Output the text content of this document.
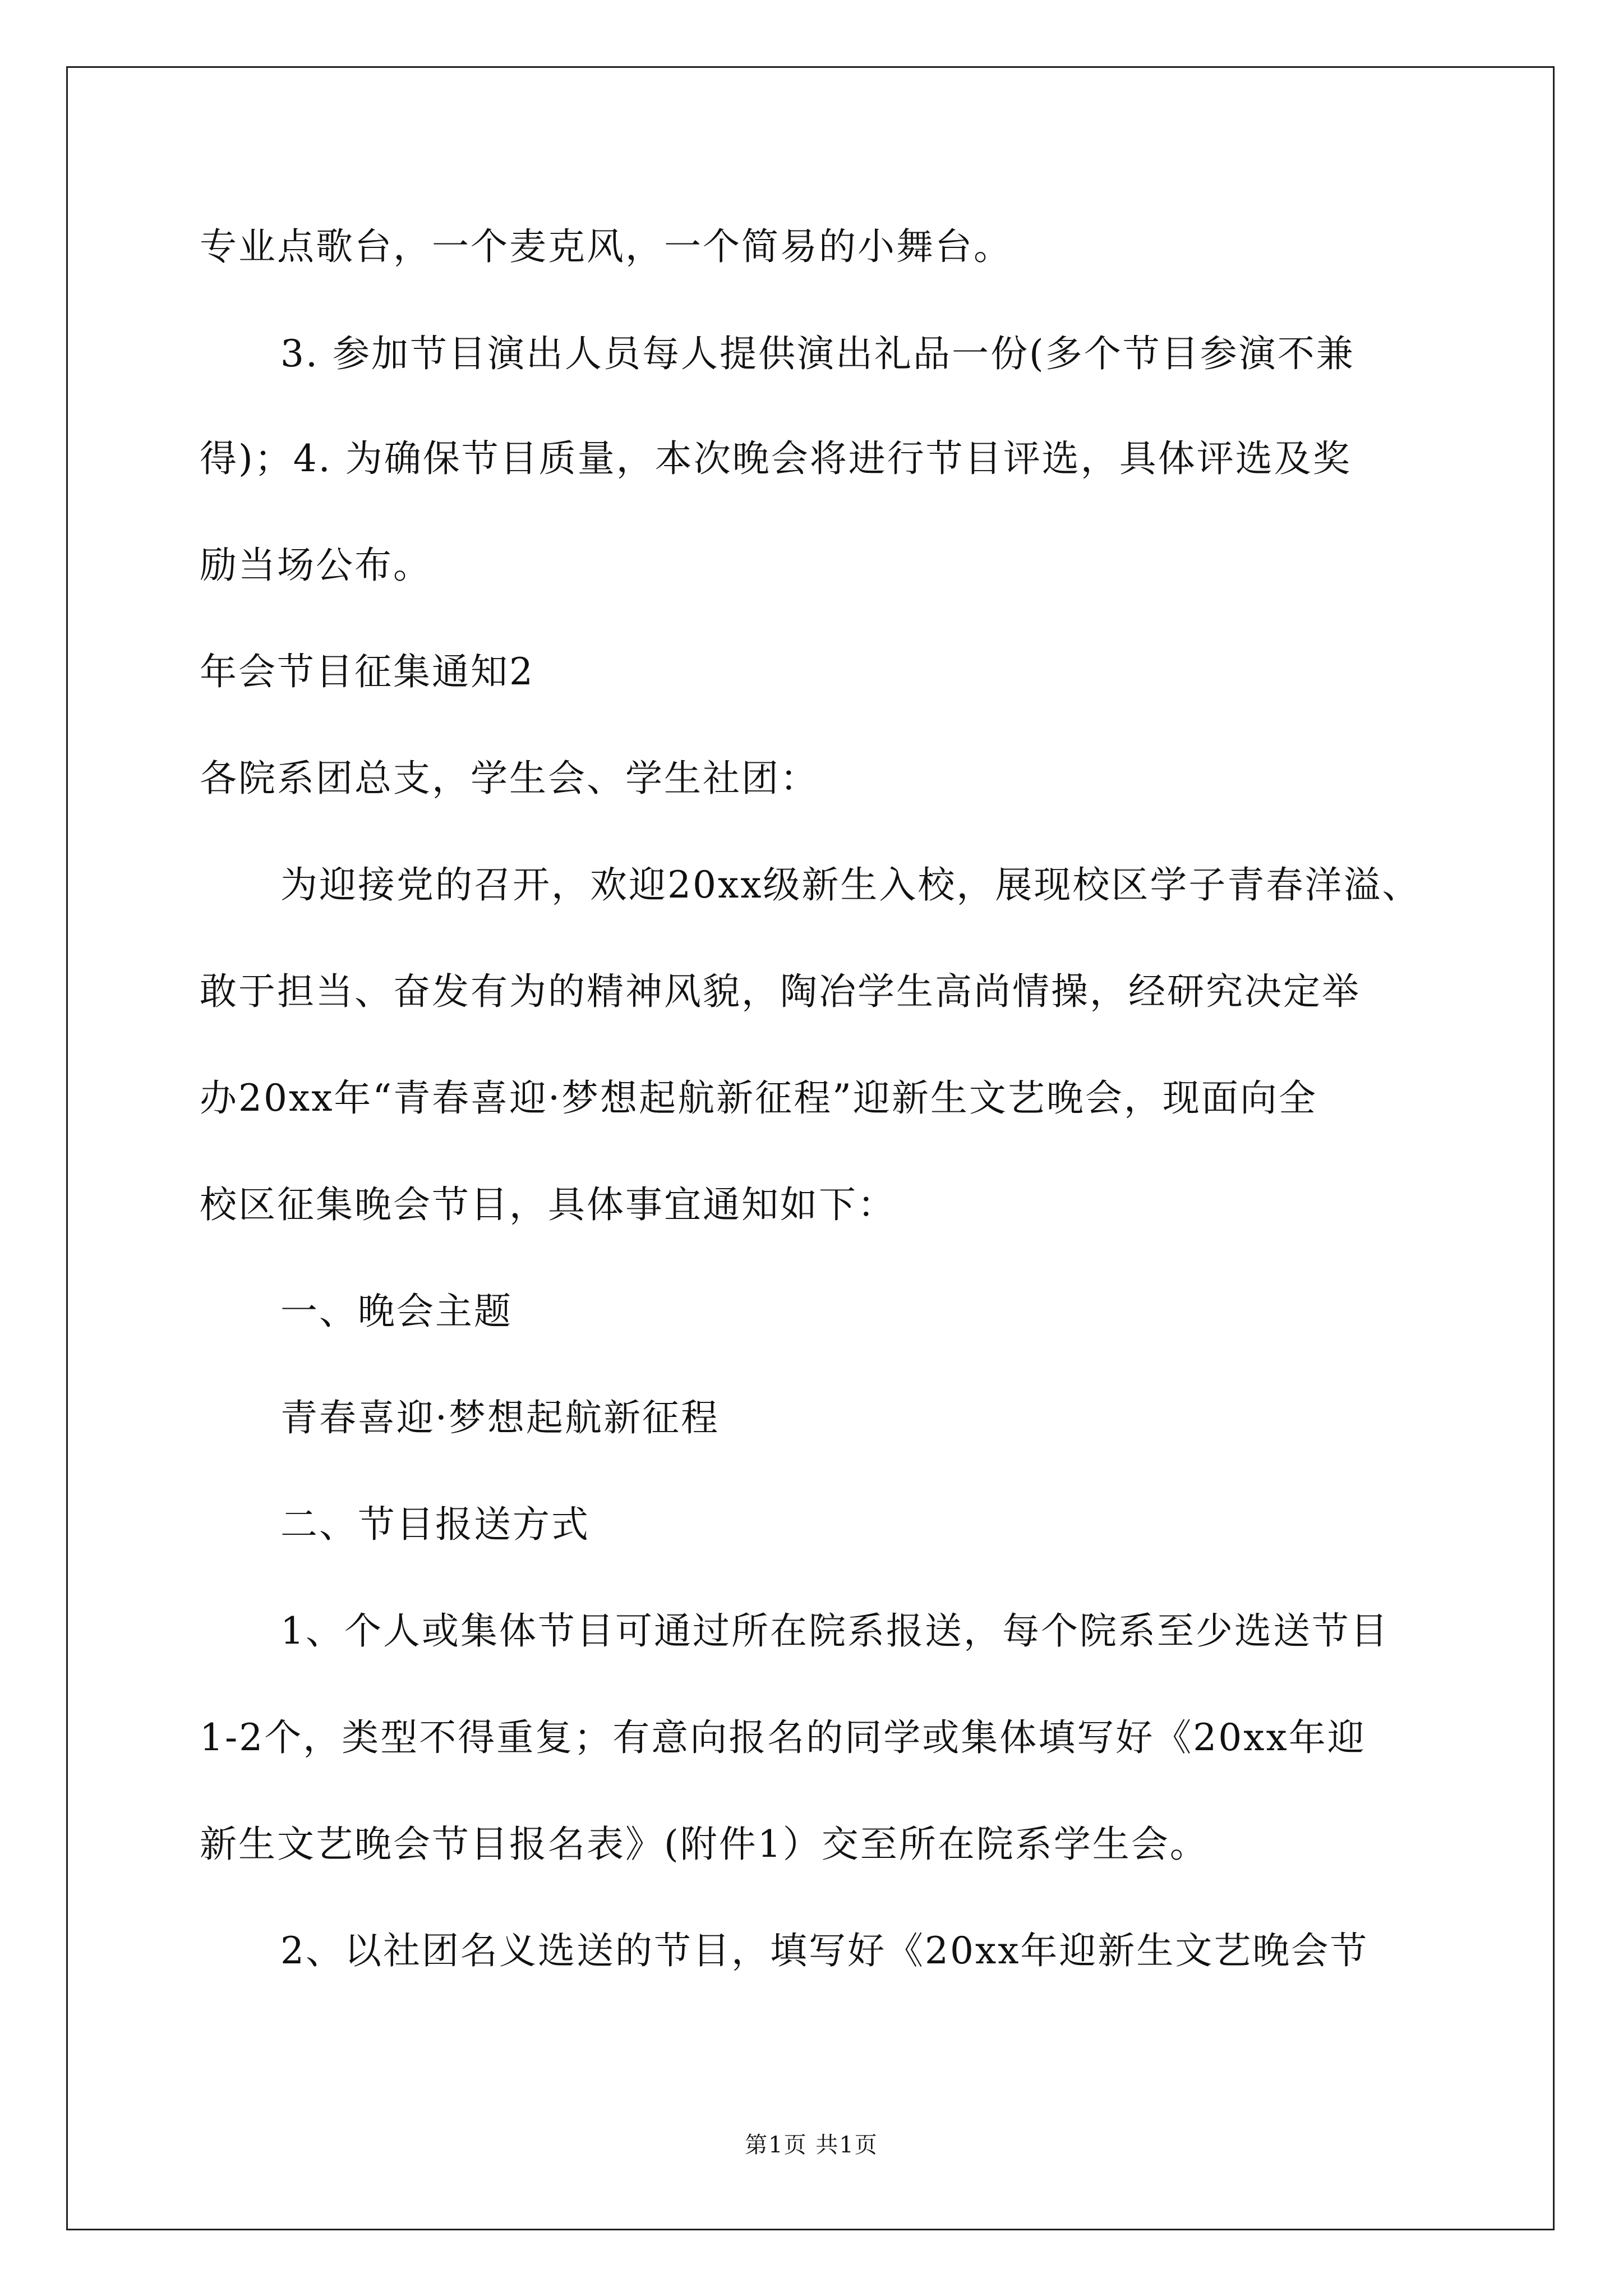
专业点歌台，一个麦克风，一个简易的小舞台。
3. 参加节目演出人员每人提供演出礼品一份(多个节目参演不兼
得)；4. 为确保节目质量，本次晚会将进行节目评选，具体评选及奖
励当场公布。
年会节目征集通知2
各院系团总支，学生会、学生社团：
为迎接党的召开，欢迎20xx级新生入校，展现校区学子青春洋溢、
敢于担当、奋发有为的精神风貌，陶冶学生高尚情操，经研究决定举
办20xx年“青春喜迎·梦想起航新征程”迎新生文艺晚会，现面向全
校区征集晚会节目，具体事宜通知如下：
一、晚会主题
青春喜迎·梦想起航新征程
二、节目报送方式
1、个人或集体节目可通过所在院系报送，每个院系至少选送节目
1-2个，类型不得重复；有意向报名的同学或集体填写好《20xx年迎
新生文艺晚会节目报名表》(附件1）交至所在院系学生会。
2、以社团名义选送的节目，填写好《20xx年迎新生文艺晚会节
第1页 共1页
